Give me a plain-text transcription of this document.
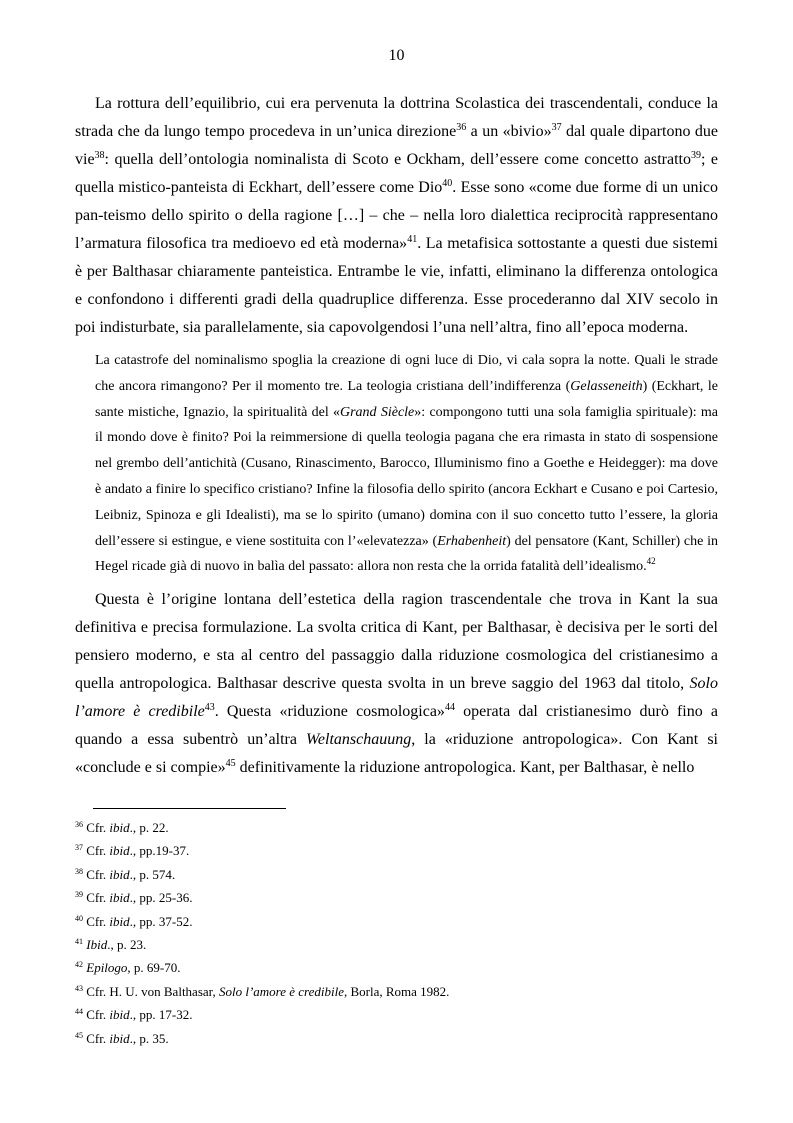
10

La rottura dell’equilibrio, cui era pervenuta la dottrina Scolastica dei trascendentali, conduce la strada che da lungo tempo procedeva in un’unica direzione$^{36}$ a un «bivio»$^{37}$ dal quale dipartono due vie$^{38}$: quella dell’ontologia nominalista di Scoto e Ockham, dell’essere come concetto astratto$^{39}$; e quella mistico-panteista di Eckhart, dell’essere come Dio$^{40}$. Esse sono «come due forme di un unico pan-teismo dello spirito o della ragione […] – che – nella loro dialettica reciprocità rappresentano l’armatura filosofica tra medioevo ed età moderna»$^{41}$. La metafisica sottostante a questi due sistemi è per Balthasar chiaramente panteistica. Entrambe le vie, infatti, eliminano la differenza ontologica e confondono i differenti gradi della quadruplice differenza. Esse procederanno dal XIV secolo in poi indisturbate, sia parallelamente, sia capovolgendosi l’una nell’altra, fino all’epoca moderna.

La catastrofe del nominalismo spoglia la creazione di ogni luce di Dio, vi cala sopra la notte. Quali le strade che ancora rimangono? Per il momento tre. La teologia cristiana dell’indifferenza (Gelasseneith) (Eckhart, le sante mistiche, Ignazio, la spiritualità del «Grand Siècle»: compongono tutti una sola famiglia spirituale): ma il mondo dove è finito? Poi la reimmersione di quella teologia pagana che era rimasta in stato di sospensione nel grembo dell’antichità (Cusano, Rinascimento, Barocco, Illuminismo fino a Goethe e Heidegger): ma dove è andato a finire lo specifico cristiano? Infine la filosofia dello spirito (ancora Eckhart e Cusano e poi Cartesio, Leibniz, Spinoza e gli Idealisti), ma se lo spirito (umano) domina con il suo concetto tutto l’essere, la gloria dell’essere si estingue, e viene sostituita con l’«elevatezza» (Erhabenheit) del pensatore (Kant, Schiller) che in Hegel ricade già di nuovo in balìa del passato: allora non resta che la orrida fatalità dell’idealismo.$^{42}$

Questa è l’origine lontana dell’estetica della ragion trascendentale che trova in Kant la sua definitiva e precisa formulazione. La svolta critica di Kant, per Balthasar, è decisiva per le sorti del pensiero moderno, e sta al centro del passaggio dalla riduzione cosmologica del cristianesimo a quella antropologica. Balthasar descrive questa svolta in un breve saggio del 1963 dal titolo, Solo l’amore è credibile$^{43}$. Questa «riduzione cosmologica»$^{44}$ operata dal cristianesimo durò fino a quando a essa subentrò un’altra Weltanschauung, la «riduzione antropologica». Con Kant si «conclude e si compie»$^{45}$ definitivamente la riduzione antropologica. Kant, per Balthasar, è nello

$^{36}$ Cfr. ibid., p. 22.
$^{37}$ Cfr. ibid., pp.19-37.
$^{38}$ Cfr. ibid., p. 574.
$^{39}$ Cfr. ibid., pp. 25-36.
$^{40}$ Cfr. ibid., pp. 37-52.
$^{41}$ Ibid., p. 23.
$^{42}$ Epilogo, p. 69-70.
$^{43}$ Cfr. H. U. von Balthasar, Solo l’amore è credibile, Borla, Roma 1982.
$^{44}$ Cfr. ibid., pp. 17-32.
$^{45}$ Cfr. ibid., p. 35.
